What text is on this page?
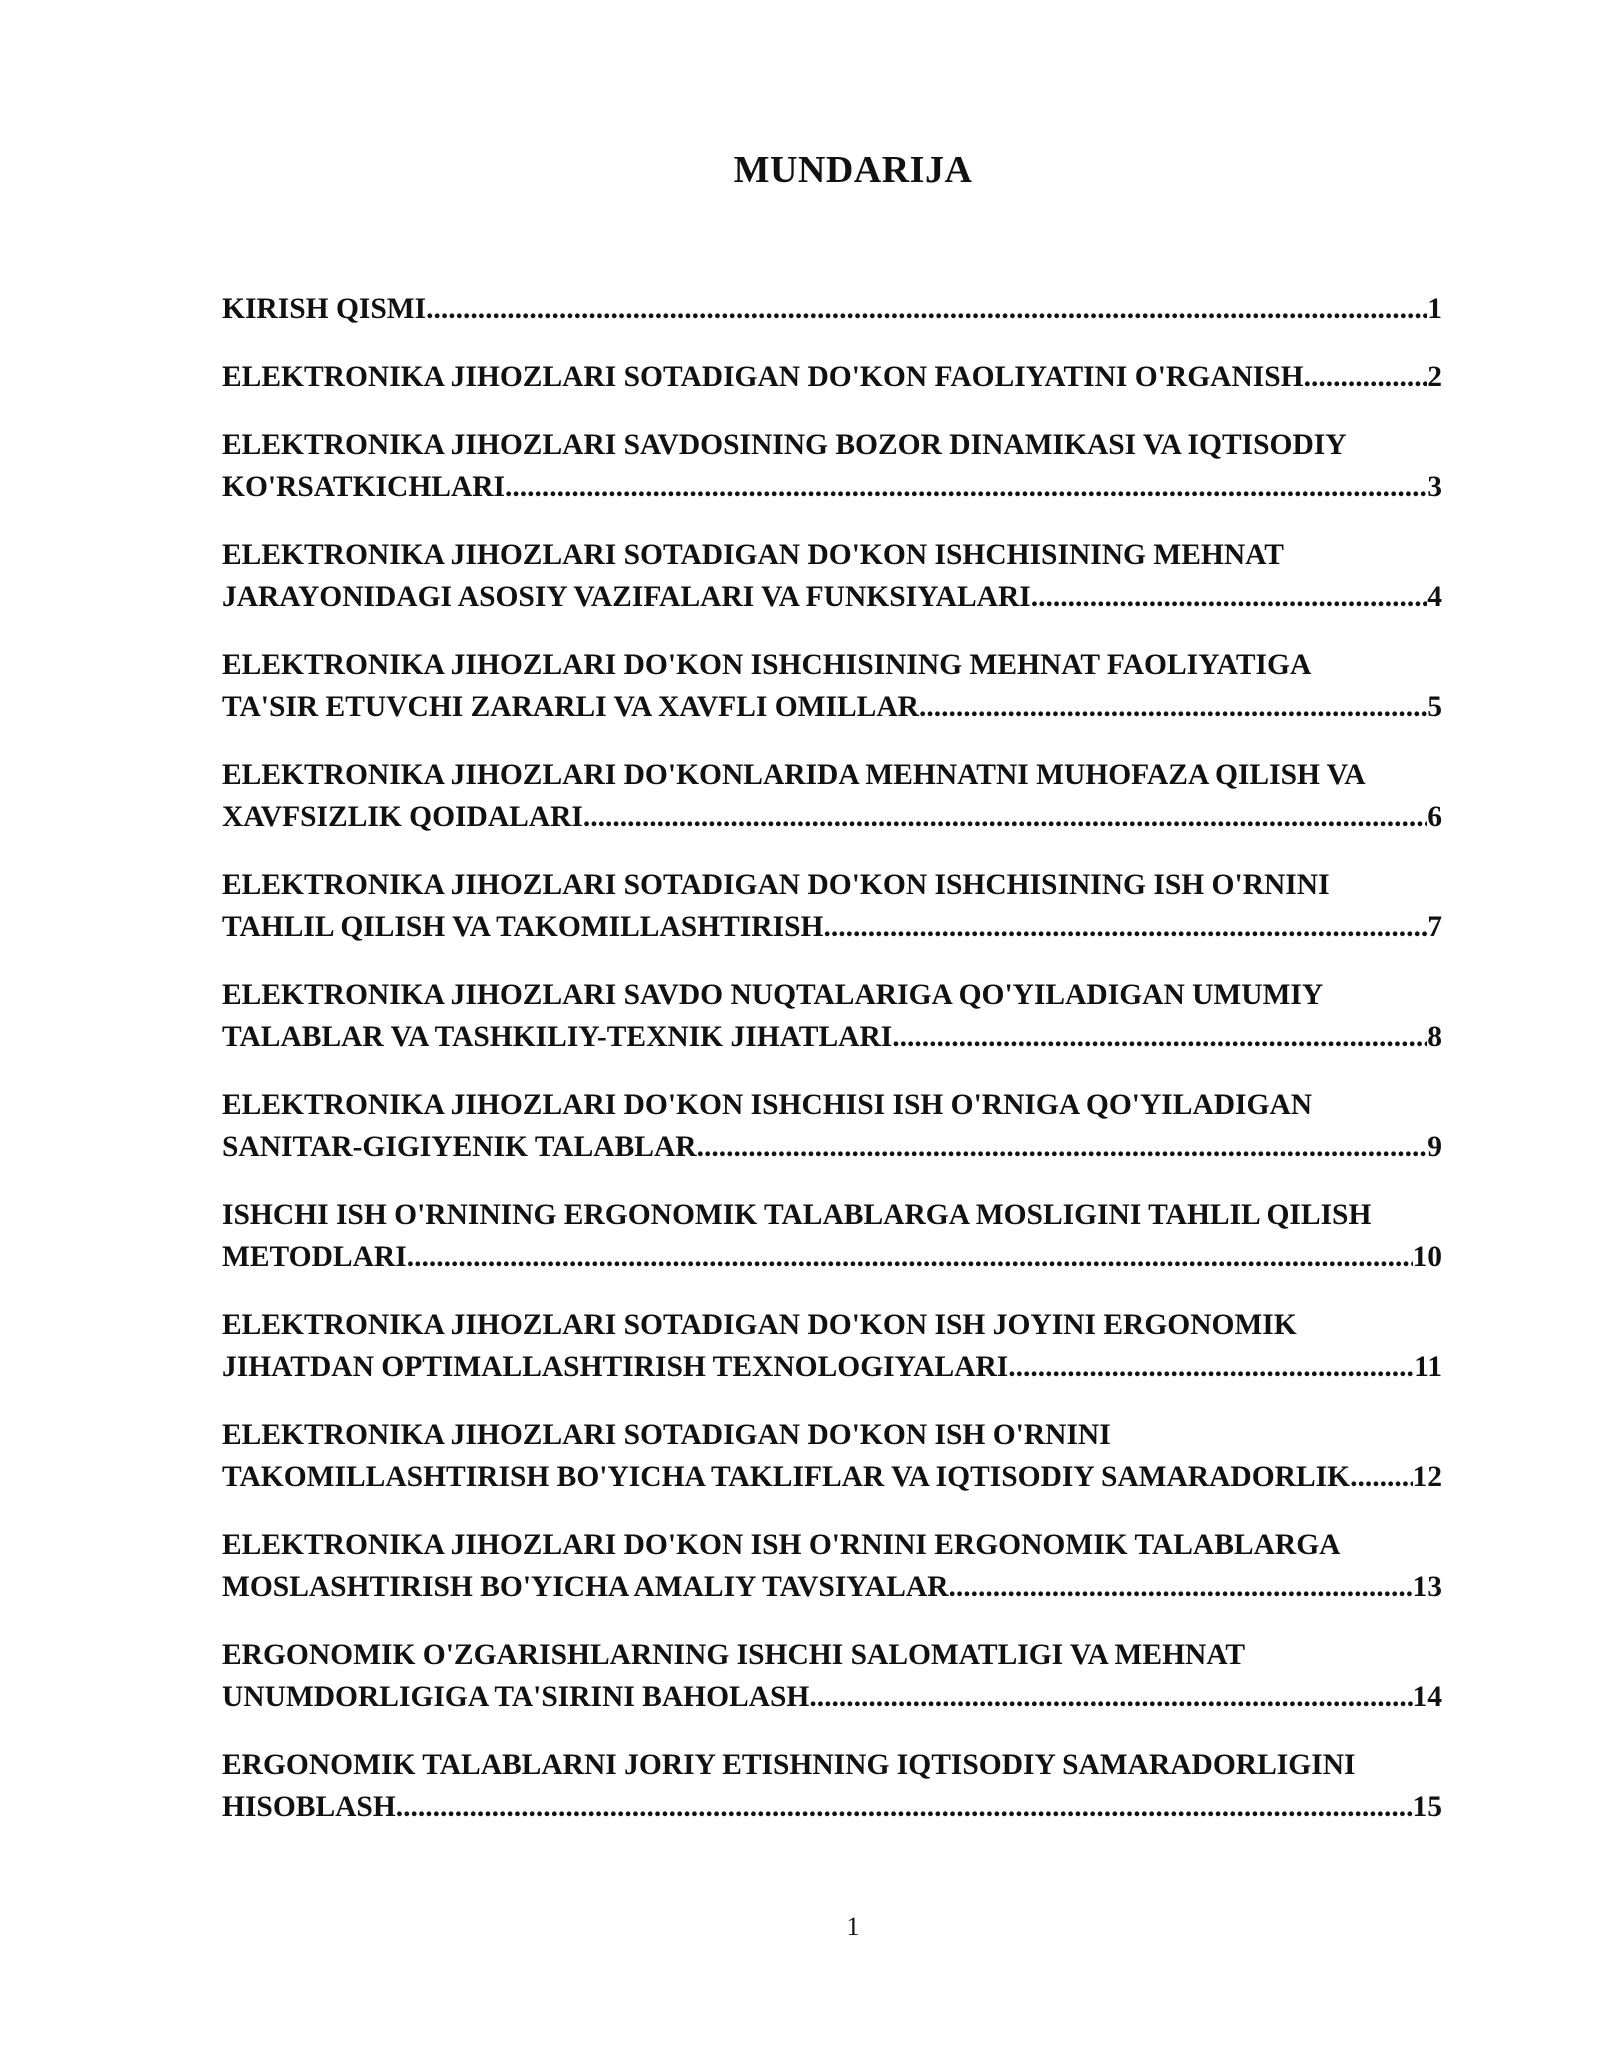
MUNDARIJA
KIRISH QISMI .....	1
ELEKTRONIKA JIHOZLARI SOTADIGAN DO'KON FAOLIYATINI O'RGANISH .....	2
ELEKTRONIKA JIHOZLARI SAVDOSINING BOZOR DINAMIKASI VA IQTISODIY
KO'RSATKICHLARI .....	3
ELEKTRONIKA JIHOZLARI SOTADIGAN DO'KON ISHCHISINING MEHNAT
JARAYONIDAGI ASOSIY VAZIFALARI VA FUNKSIYALARI .....	4
ELEKTRONIKA JIHOZLARI DO'KON ISHCHISINING MEHNAT FAOLIYATIGA
TA'SIR ETUVCHI ZARARLI VA XAVFLI OMILLAR .....	5
ELEKTRONIKA JIHOZLARI DO'KONLARIDA MEHNATNI MUHOFAZA QILISH VA
XAVFSIZLIK QOIDALARI .....	6
ELEKTRONIKA JIHOZLARI SOTADIGAN DO'KON ISHCHISINING ISH O'RNINI
TAHLIL QILISH VA TAKOMILLASHTIRISH .....	7
ELEKTRONIKA JIHOZLARI SAVDO NUQTALARIGA QO'YILADIGAN UMUMIY
TALABLAR VA TASHKILIY-TEXNIK JIHATLARI .....	8
ELEKTRONIKA JIHOZLARI DO'KON ISHCHISI ISH O'RNIGA QO'YILADIGAN
SANITAR-GIGIYENIK TALABLAR .....	9
ISHCHI ISH O'RNINING ERGONOMIK TALABLARGA MOSLIGINI TAHLIL QILISH
METODLARI .....	10
ELEKTRONIKA JIHOZLARI SOTADIGAN DO'KON ISH JOYINI ERGONOMIK
JIHATDAN OPTIMALLASHTIRISH TEXNOLOGIYALARI .....	11
ELEKTRONIKA JIHOZLARI SOTADIGAN DO'KON ISH O'RNINI
TAKOMILLASHTIRISH BO'YICHA TAKLIFLAR VA IQTISODIY SAMARADORLIK ..... 12
ELEKTRONIKA JIHOZLARI DO'KON ISH O'RNINI ERGONOMIK TALABLARGA
MOSLASHTIRISH BO'YICHA AMALIY TAVSIYALAR .....	13
ERGONOMIK O'ZGARISHLARNING ISHCHI SALOMATLIGI VA MEHNAT
UNUMDORLIGIGA TA'SIRINI BAHOLASH .....	14
ERGONOMIK TALABLARNI JORIY ETISHNING IQTISODIY SAMARADORLIGINI
HISOBLASH .....	15
1
